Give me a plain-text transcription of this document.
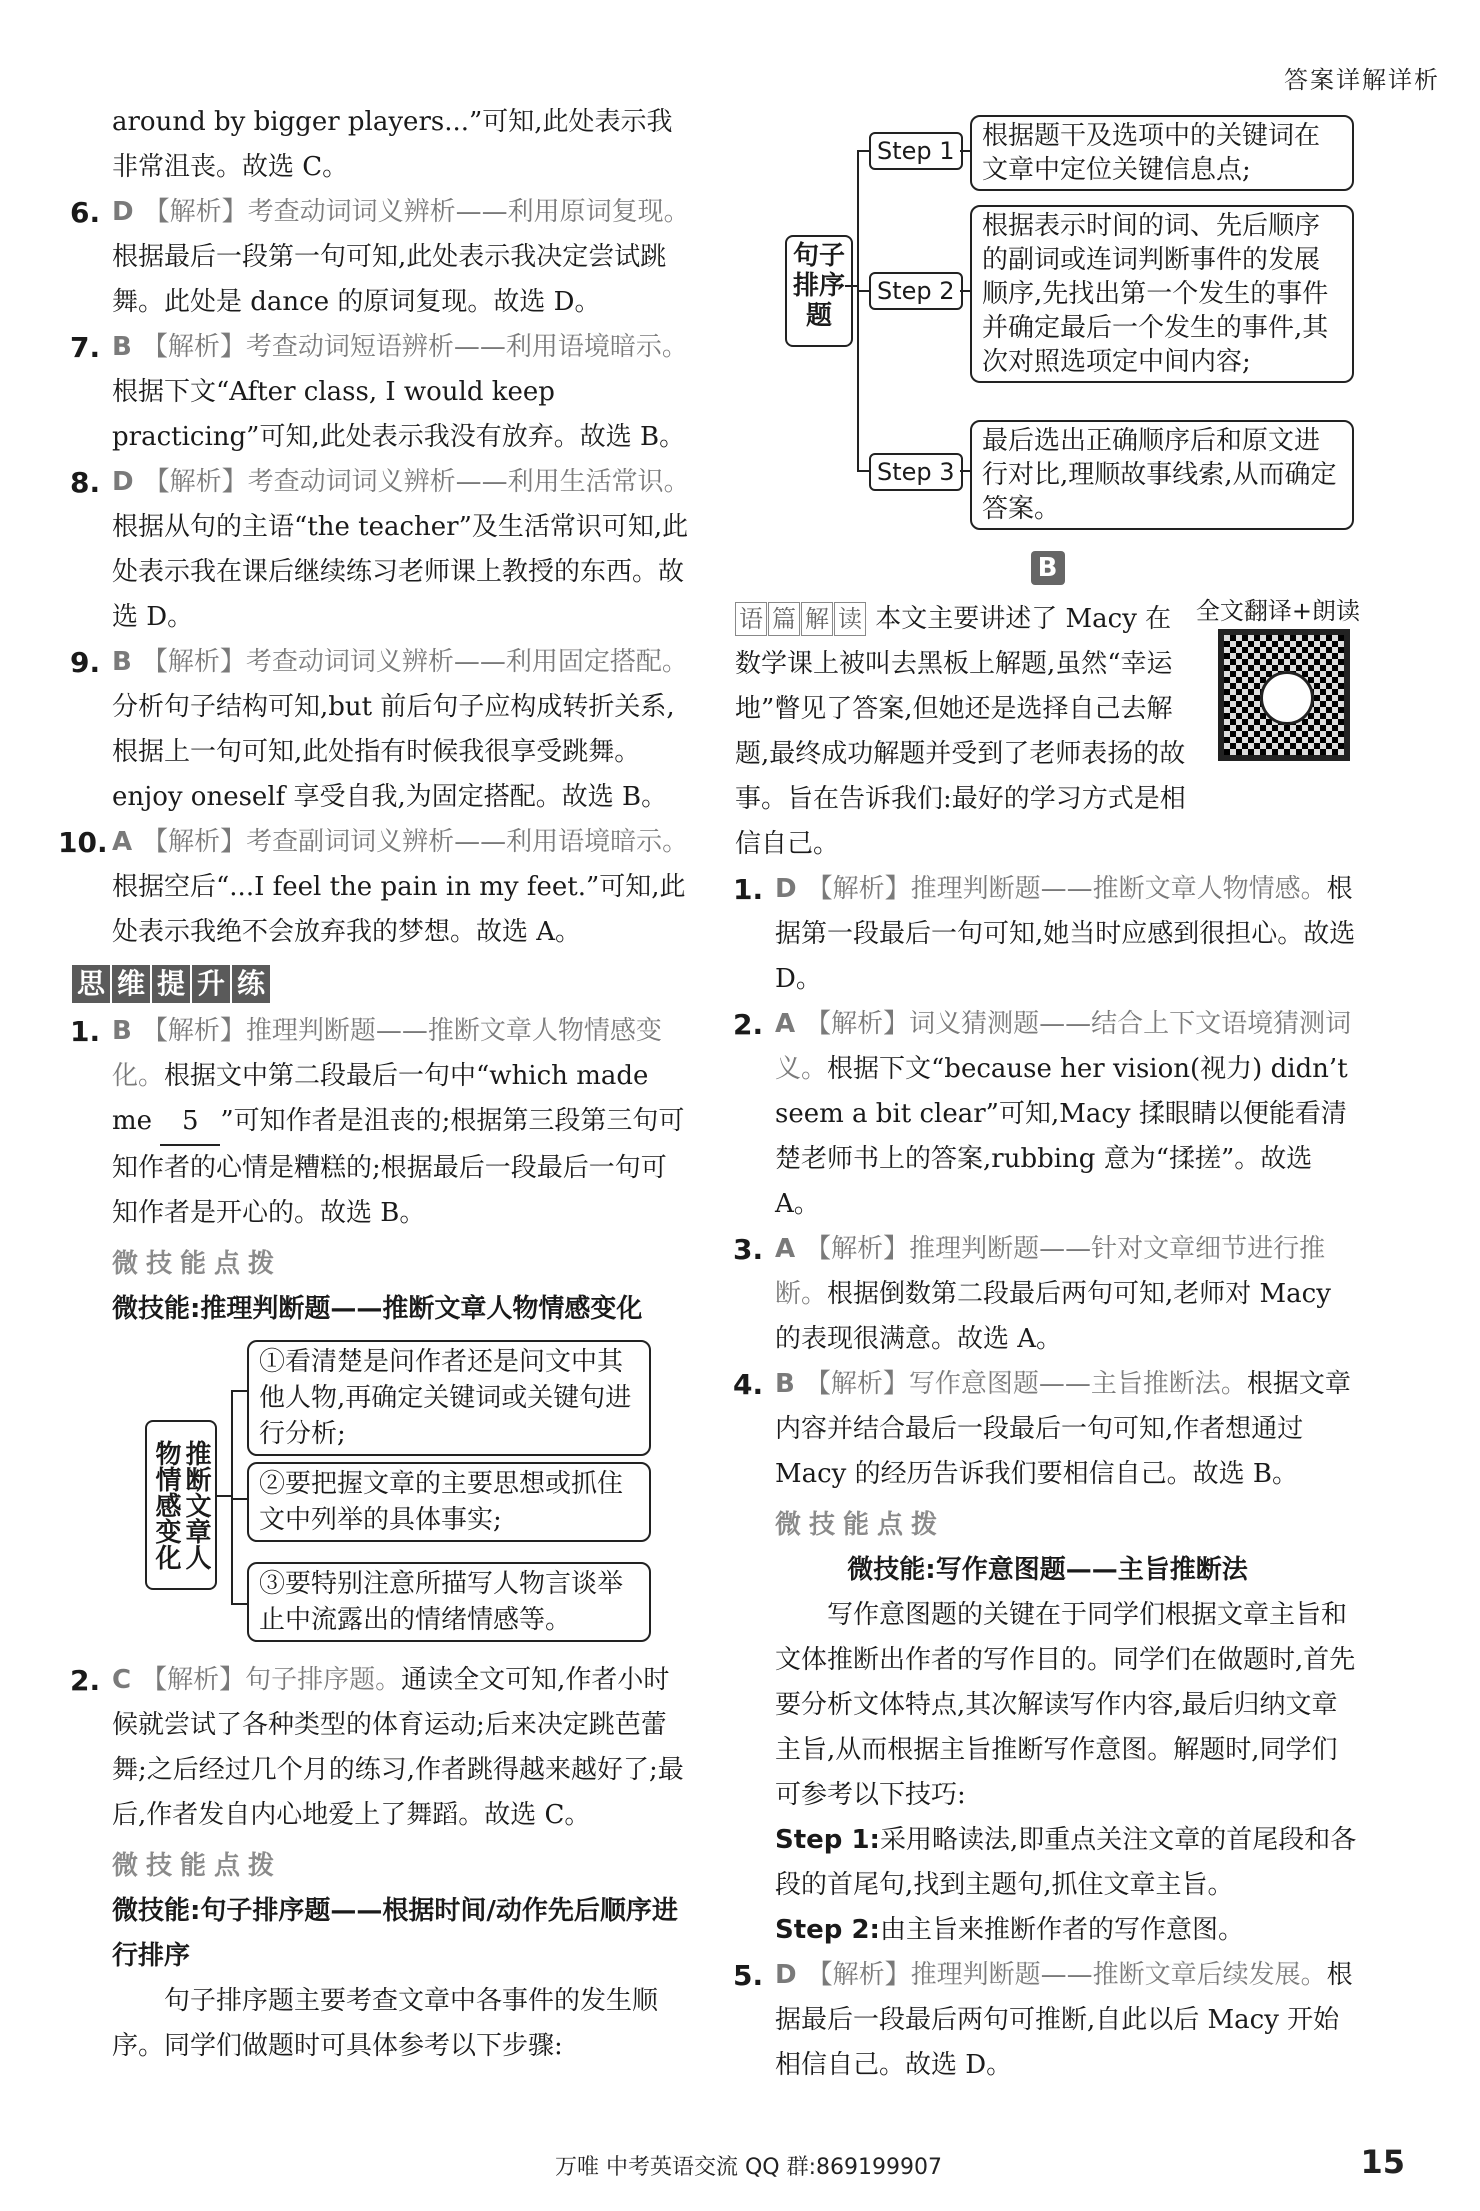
答案详解详析
around by bigger players...”可知,此处表示我非常沮丧。故选 C。
6. D 【解析】考查动词词义辨析——利用原词复现。根据最后一段第一句可知,此处表示我决定尝试跳舞。此处是 dance 的原词复现。故选 D。
7. B 【解析】考查动词短语辨析——利用语境暗示。根据下文“After class, I would keep practicing”可知,此处表示我没有放弃。故选 B。
8. D 【解析】考查动词词义辨析——利用生活常识。根据从句的主语“the teacher”及生活常识可知,此处表示我在课后继续练习老师课上教授的东西。故选 D。
9. B 【解析】考查动词词义辨析——利用固定搭配。分析句子结构可知,but 前后句子应构成转折关系,根据上一句可知,此处指有时候我很享受跳舞。enjoy oneself 享受自我,为固定搭配。故选 B。
10. A 【解析】考查副词词义辨析——利用语境暗示。根据空后“...I feel the pain in my feet.”可知,此处表示我绝不会放弃我的梦想。故选 A。
思 维 提 升 练
1. B 【解析】推理判断题——推断文章人物情感变化。根据文中第二段最后一句中“which made me 5 ”可知作者是沮丧的;根据第三段第三句可知作者的心情是糟糕的;根据最后一段最后一句可知作者是开心的。故选 B。
微技能点拨
微技能:推理判断题——推断文章人物情感变化
推断文章人物情感变化
①看清楚是问作者还是问文中其他人物,再确定关键词或关键句进行分析;
②要把握文章的主要思想或抓住文中列举的具体事实;
③要特别注意所描写人物言谈举止中流露出的情绪情感等。
2. C 【解析】句子排序题。通读全文可知,作者小时候就尝试了各种类型的体育运动;后来决定跳芭蕾舞;之后经过几个月的练习,作者跳得越来越好了;最后,作者发自内心地爱上了舞蹈。故选 C。
微技能点拨
微技能:句子排序题——根据时间/动作先后顺序进行排序
句子排序题主要考查文章中各事件的发生顺序。同学们做题时可具体参考以下步骤:
句子排序题
Step 1
Step 2
Step 3
根据题干及选项中的关键词在文章中定位关键信息点;
根据表示时间的词、先后顺序的副词或连词判断事件的发展顺序,先找出第一个发生的事件并确定最后一个发生的事件,其次对照选项定中间内容;
最后选出正确顺序后和原文进行对比,理顺故事线索,从而确定答案。
B
全文翻译+朗读
语 篇 解 读 本文主要讲述了 Macy 在数学课上被叫去黑板上解题,虽然“幸运地”瞥见了答案,但她还是选择自己去解题,最终成功解题并受到了老师表扬的故事。旨在告诉我们:最好的学习方式是相信自己。
1. D 【解析】推理判断题——推断文章人物情感。根据第一段最后一句可知,她当时应感到很担心。故选 D。
2. A 【解析】词义猜测题——结合上下文语境猜测词义。根据下文“because her vision(视力) didn’t seem a bit clear”可知,Macy 揉眼睛以便能看清楚老师书上的答案,rubbing 意为“揉搓”。故选 A。
3. A 【解析】推理判断题——针对文章细节进行推断。根据倒数第二段最后两句可知,老师对 Macy 的表现很满意。故选 A。
4. B 【解析】写作意图题——主旨推断法。根据文章内容并结合最后一段最后一句可知,作者想通过 Macy 的经历告诉我们要相信自己。故选 B。
微技能点拨
微技能:写作意图题——主旨推断法
写作意图题的关键在于同学们根据文章主旨和文体推断出作者的写作目的。同学们在做题时,首先要分析文体特点,其次解读写作内容,最后归纳文章主旨,从而根据主旨推断写作意图。解题时,同学们可参考以下技巧:
Step 1:采用略读法,即重点关注文章的首尾段和各段的首尾句,找到主题句,抓住文章主旨。
Step 2:由主旨来推断作者的写作意图。
5. D 【解析】推理判断题——推断文章后续发展。根据最后一段最后两句可推断,自此以后 Macy 开始相信自己。故选 D。
万唯 中考英语交流 QQ 群:869199907	15
